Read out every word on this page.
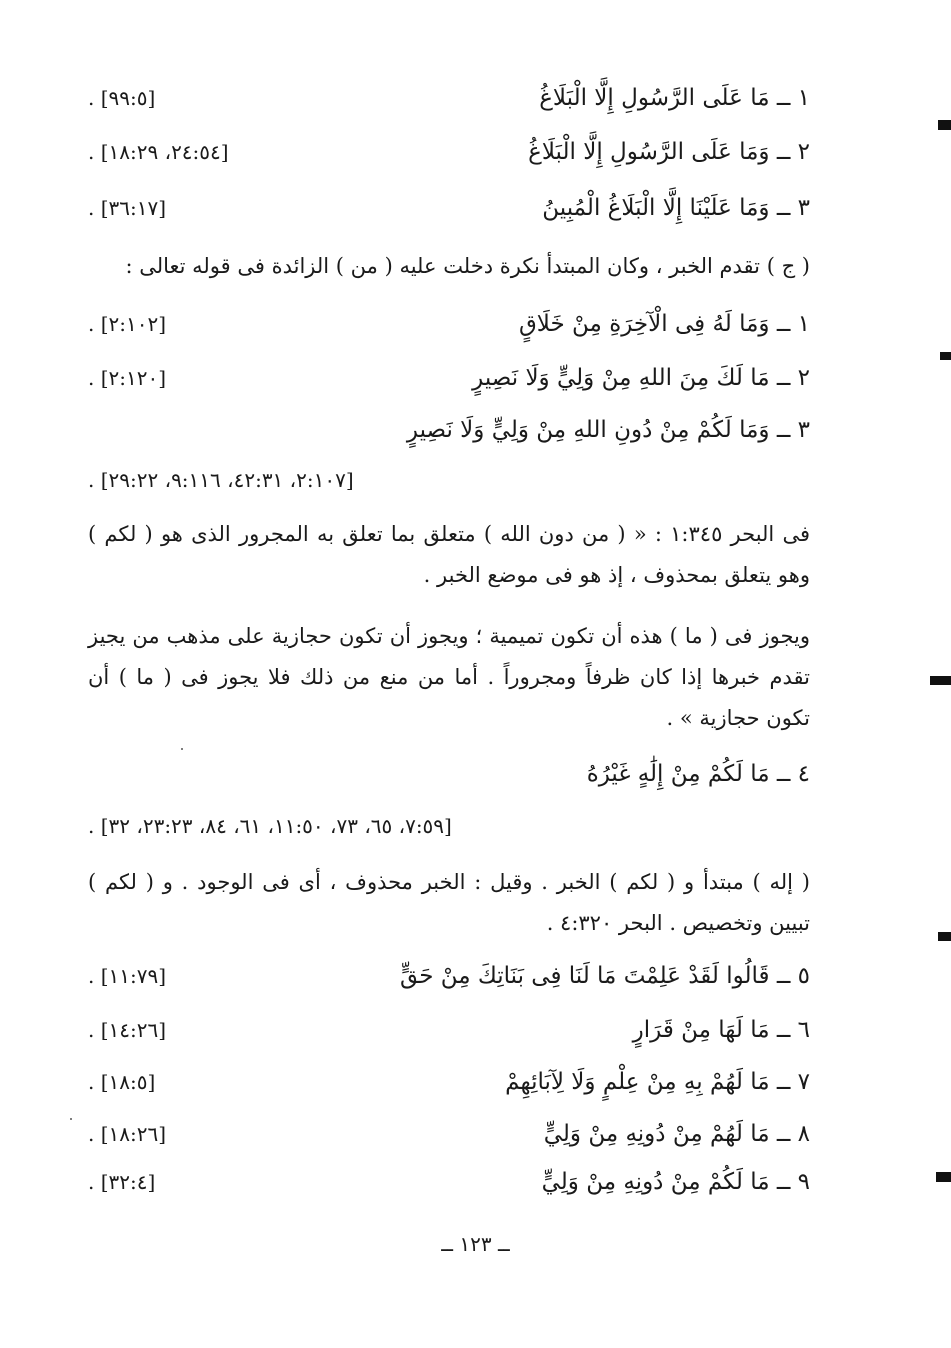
١ ــ مَا عَلَى الرَّسُولِ إِلَّا الْبَلَاغُ
[٩٩:٥] .
٢ ــ وَمَا عَلَى الرَّسُولِ إِلَّا الْبَلَاغُ
[٢٤:٥٤، ١٨:٢٩] .
٣ ــ وَمَا عَلَيْنَا إِلَّا الْبَلَاغُ الْمُبِينُ
[٣٦:١٧] .
( ج ) تقدم الخبر ، وكان المبتدأ نكرة دخلت عليه ( من ) الزائدة فى قوله تعالى :
١ ــ وَمَا لَهُ فِى الْآخِرَةِ مِنْ خَلَاقٍ
[٢:١٠٢] .
٢ ــ مَا لَكَ مِنَ اللهِ مِنْ وَلِيٍّ وَلَا نَصِيرٍ
[٢:١٢٠] .
٣ ــ وَمَا لَكُمْ مِنْ دُونِ اللهِ مِنْ وَلِيٍّ وَلَا نَصِيرٍ
[٢:١٠٧، ٤٢:٣١، ٩:١١٦، ٢٩:٢٢] .
فى البحر ١:٣٤٥ : « ( من دون الله ) متعلق بما تعلق به المجرور الذى هو ( لكم ) وهو يتعلق بمحذوف ، إذ هو فى موضع الخبر .
ويجوز فى ( ما ) هذه أن تكون تميمية ؛ ويجوز أن تكون حجازية على مذهب من يجيز تقدم خبرها إذا كان ظرفاً ومجروراً . أما من منع من ذلك فلا يجوز فى ( ما ) أن تكون حجازية » .
٤ ــ مَا لَكُمْ مِنْ إِلَٰهٍ غَيْرُهُ
[٧:٥٩، ٦٥، ٧٣، ١١:٥٠، ٦١، ٨٤، ٢٣:٢٣، ٣٢] .
( إله ) مبتدأ و ( لكم ) الخبر . وقيل : الخبر محذوف ، أى فى الوجود . و ( لكم ) تبيين وتخصيص . البحر ٤:٣٢٠ .
٥ ــ قَالُوا لَقَدْ عَلِمْتَ مَا لَنَا فِى بَنَاتِكَ مِنْ حَقٍّ
[١١:٧٩] .
٦ ــ مَا لَهَا مِنْ قَرَارٍ
[١٤:٢٦] .
٧ ــ مَا لَهُمْ بِهِ مِنْ عِلْمٍ وَلَا لِآبَائِهِمْ
[١٨:٥] .
٨ ــ مَا لَهُمْ مِنْ دُونِهِ مِنْ وَلِيٍّ
[١٨:٢٦] .
٩ ــ مَا لَكُمْ مِنْ دُونِهِ مِنْ وَلِيٍّ
[٣٢:٤] .
ــ ١٢٣ ــ
